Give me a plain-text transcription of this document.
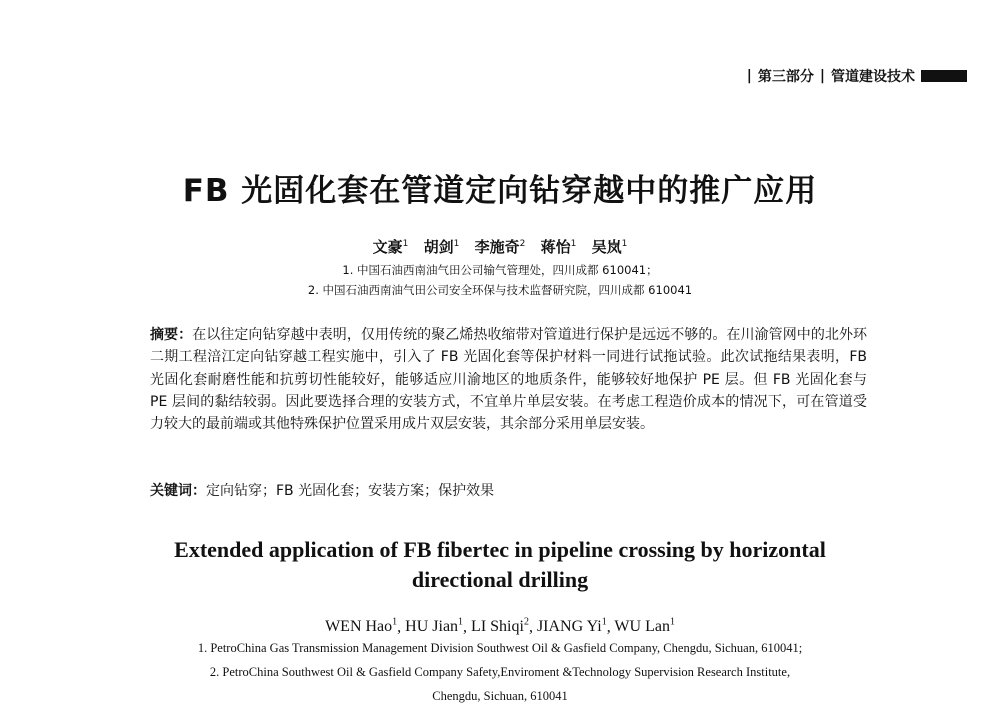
| 第三部分 | 管道建设技术
FB 光固化套在管道定向钻穿越中的推广应用
文豪$^1$ 胡剑$^1$ 李施奇$^2$ 蒋怡$^1$ 吴岚$^1$
1. 中国石油西南油气田公司输气管理处，四川成都 610041；
2. 中国石油西南油气田公司安全环保与技术监督研究院，四川成都 610041
摘要：在以往定向钻穿越中表明，仅用传统的聚乙烯热收缩带对管道进行保护是远远不够的。在川渝管网中的北外环二期工程涪江定向钻穿越工程实施中，引入了 FB 光固化套等保护材料一同进行试拖试验。此次试拖结果表明，FB 光固化套耐磨性能和抗剪切性能较好，能够适应川渝地区的地质条件，能够较好地保护 PE 层。但 FB 光固化套与 PE 层间的黏结较弱。因此要选择合理的安装方式，不宜单片单层安装。在考虑工程造价成本的情况下，可在管道受力较大的最前端或其他特殊保护位置采用成片双层安装，其余部分采用单层安装。
关键词：定向钻穿；FB 光固化套；安装方案；保护效果
Extended application of FB fibertec in pipeline crossing by horizontal directional drilling
WEN Hao$^1$, HU Jian$^1$, LI Shiqi$^2$, JIANG Yi$^1$, WU Lan$^1$
1. PetroChina Gas Transmission Management Division Southwest Oil & Gasfield Company, Chengdu, Sichuan, 610041;
2. PetroChina Southwest Oil & Gasfield Company Safety,Enviroment &Technology Supervision Research Institute,
Chengdu, Sichuan, 610041
